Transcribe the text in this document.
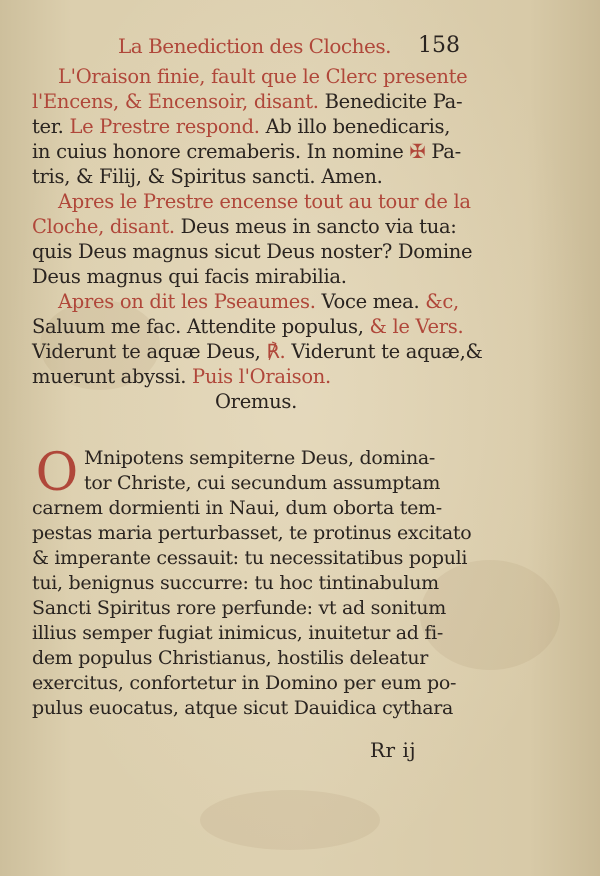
La Benediction des Cloches. 158
L'Oraison finie, fault que le Clerc presente
l'Encens, & Encensoir, disant. Benedicite Pa-
ter. Le Prestre respond. Ab illo benedicaris,
in cuius honore cremaberis. In nomine ✠ Pa-
tris, & Filij, & Spiritus sancti. Amen.
Apres le Prestre encense tout au tour de la
Cloche, disant. Deus meus in sancto via tua:
quis Deus magnus sicut Deus noster? Domine
Deus magnus qui facis mirabilia.
Apres on dit les Pseaumes. Voce mea. &c,
Saluum me fac. Attendite populus, & le Vers.
Viderunt te aquæ Deus, ℟. Viderunt te aquæ,&
muerunt abyssi. Puis l'Oraison.
Oremus.
O Mnipotens sempiterne Deus, domina-
tor Christe, cui secundum assumptam
carnem dormienti in Naui, dum oborta tem-
pestas maria perturbasset, te protinus excitato
& imperante cessauit: tu necessitatibus populi
tui, benignus succurre: tu hoc tintinabulum
Sancti Spiritus rore perfunde: vt ad sonitum
illius semper fugiat inimicus, inuitetur ad fi-
dem populus Christianus, hostilis deleatur
exercitus, confortetur in Domino per eum po-
pulus euocatus, atque sicut Dauidica cythara
Rr ij
